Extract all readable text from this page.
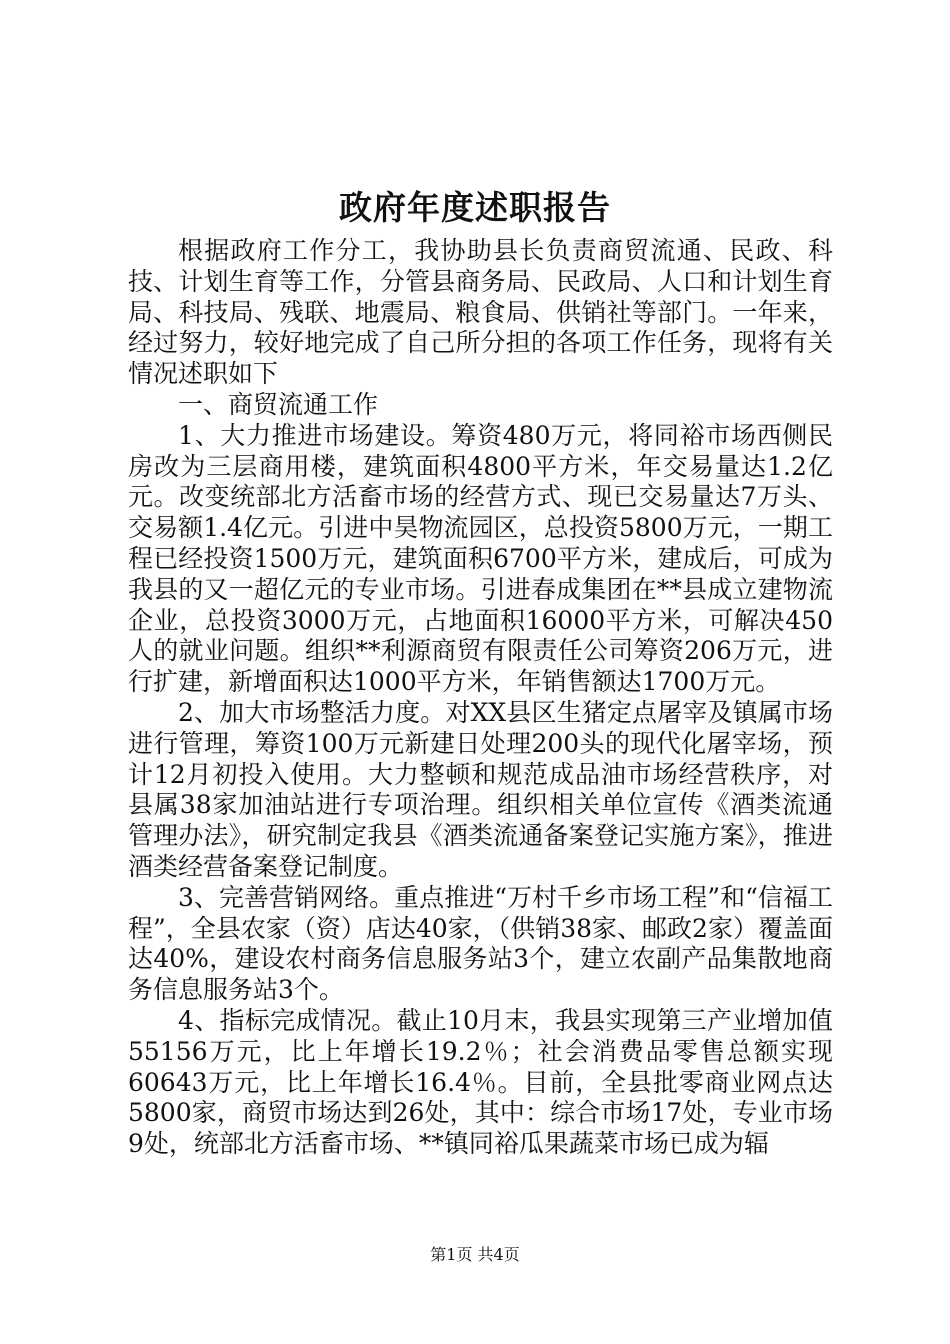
政府年度述职报告

根据政府工作分工，我协助县长负责商贸流通、民政、科技、计划生育等工作，分管县商务局、民政局、人口和计划生育局、科技局、残联、地震局、粮食局、供销社等部门。一年来，经过努力，较好地完成了自己所分担的各项工作任务，现将有关情况述职如下

一、商贸流通工作

1、大力推进市场建设。筹资480万元，将同裕市场西侧民房改为三层商用楼，建筑面积4800平方米，年交易量达1.2亿元。改变统部北方活畜市场的经营方式、现已交易量达7万头、交易额1.4亿元。引进中昊物流园区，总投资5800万元，一期工程已经投资1500万元，建筑面积6700平方米，建成后，可成为我县的又一超亿元的专业市场。引进春成集团在**县成立建物流企业，总投资3000万元，占地面积16000平方米，可解决450人的就业问题。组织**利源商贸有限责任公司筹资206万元，进行扩建，新增面积达1000平方米，年销售额达1700万元。

2、加大市场整活力度。对XX县区生猪定点屠宰及镇属市场进行管理，筹资100万元新建日处理200头的现代化屠宰场，预计12月初投入使用。大力整顿和规范成品油市场经营秩序，对县属38家加油站进行专项治理。组织相关单位宣传《酒类流通管理办法》，研究制定我县《酒类流通备案登记实施方案》，推进酒类经营备案登记制度。

3、完善营销网络。重点推进“万村千乡市场工程”和“信福工程”，全县农家（资）店达40家，（供销38家、邮政2家）覆盖面达40%，建设农村商务信息服务站3个，建立农副产品集散地商务信息服务站3个。

4、指标完成情况。截止10月末，我县实现第三产业增加值55156万元，比上年增长19.2％；社会消费品零售总额实现60643万元，比上年增长16.4％。目前，全县批零商业网点达5800家，商贸市场达到26处，其中：综合市场17处，专业市场9处，统部北方活畜市场、**镇同裕瓜果蔬菜市场已成为辐

第1页 共4页
